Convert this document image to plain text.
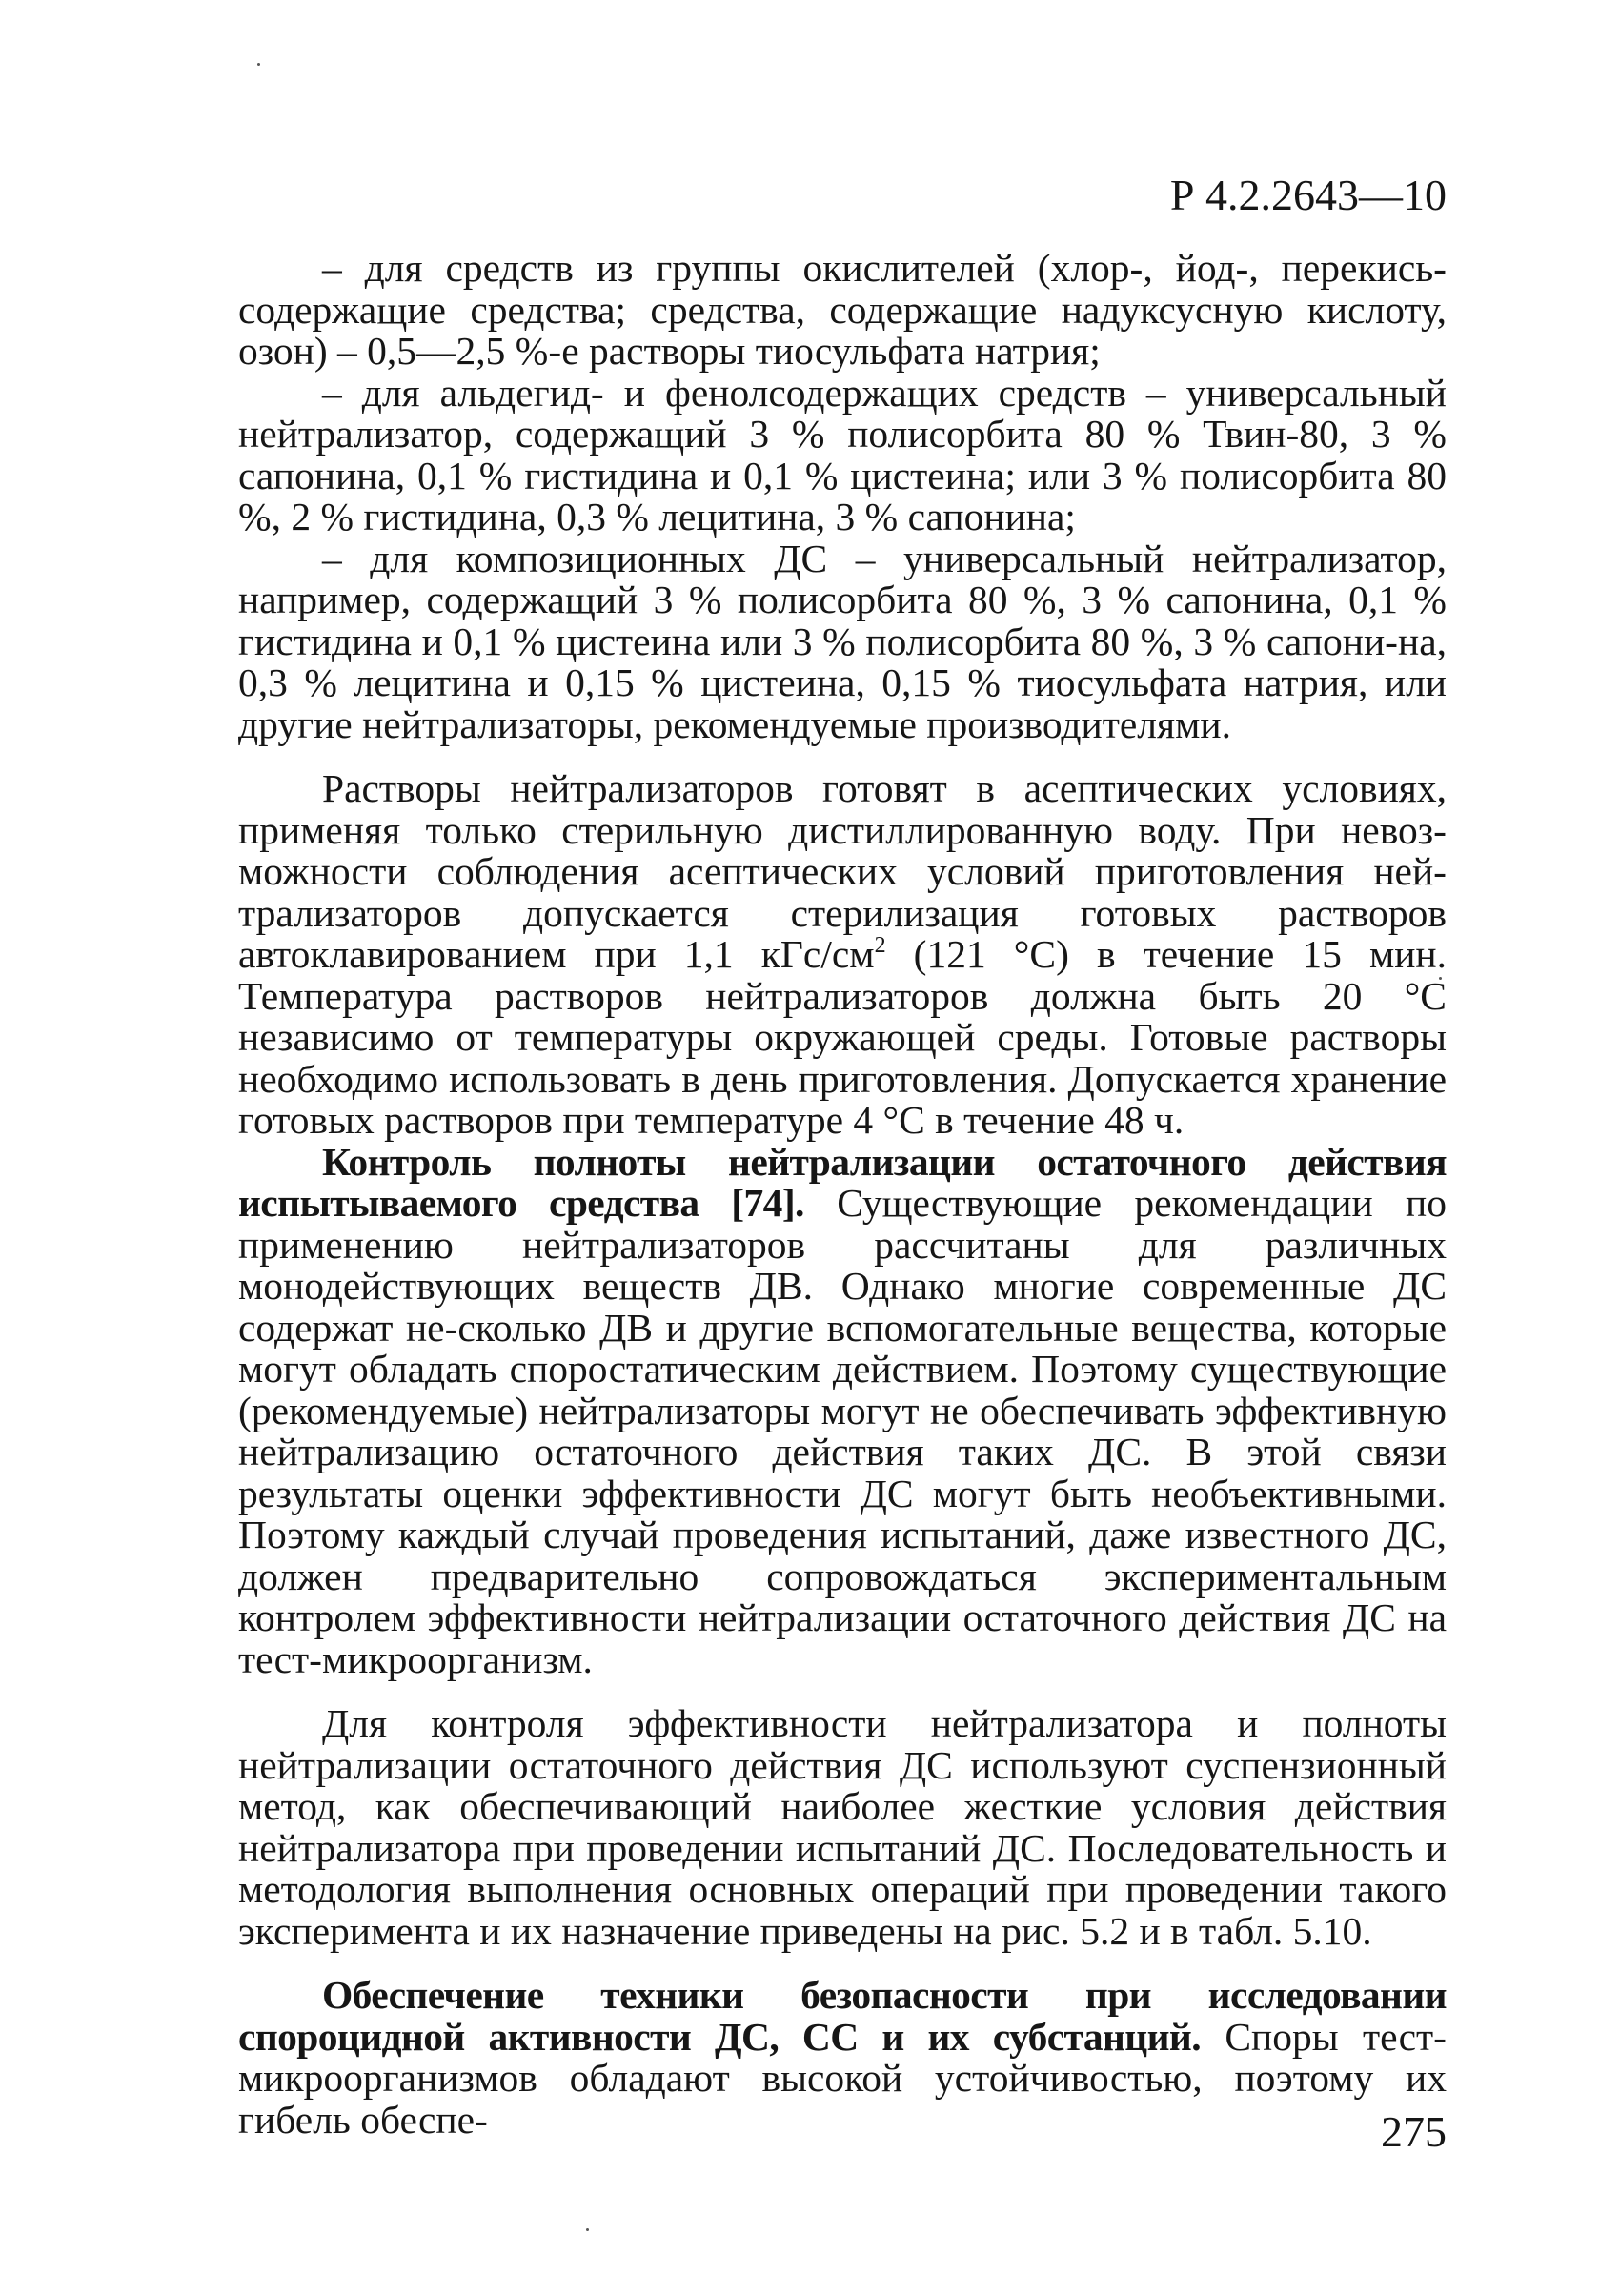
Р 4.2.2643—10

– для средств из группы окислителей (хлор-, йод-, перекись-содержащие средства; средства, содержащие надуксусную кислоту, озон) – 0,5—2,5 %-е растворы тиосульфата натрия;

– для альдегид- и фенолсодержащих средств – универсальный нейтрализатор, содержащий 3 % полисорбита 80 % Твин-80, 3 % сапонина, 0,1 % гистидина и 0,1 % цистеина; или 3 % полисорбита 80 %, 2 % гистидина, 0,3 % лецитина, 3 % сапонина;

– для композиционных ДС – универсальный нейтрализатор, например, содержащий 3 % полисорбита 80 %, 3 % сапонина, 0,1 % гистидина и 0,1 % цистеина или 3 % полисорбита 80 %, 3 % сапони-на, 0,3 % лецитина и 0,15 % цистеина, 0,15 % тиосульфата натрия, или другие нейтрализаторы, рекомендуемые производителями.

Растворы нейтрализаторов готовят в асептических условиях, применяя только стерильную дистиллированную воду. При невоз-можности соблюдения асептических условий приготовления ней-трализаторов допускается стерилизация готовых растворов автоклавированием при 1,1 кГс/$см^2$ (121 °С) в течение 15 мин. Температура растворов нейтрализаторов должна быть 20 °С независимо от температуры окружающей среды. Готовые растворы необходимо использовать в день приготовления. Допускается хранение готовых растворов при температуре 4 °С в течение 48 ч.

Контроль полноты нейтрализации остаточного действия испытываемого средства [74]. Существующие рекомендации по применению нейтрализаторов рассчитаны для различных монодействующих веществ ДВ. Однако многие современные ДС содержат не-сколько ДВ и другие вспомогательные вещества, которые могут обладать споростатическим действием. Поэтому существующие (рекомендуемые) нейтрализаторы могут не обеспечивать эффективную нейтрализацию остаточного действия таких ДС. В этой связи результаты оценки эффективности ДС могут быть необъективными. Поэтому каждый случай проведения испытаний, даже известного ДС, должен предварительно сопровождаться экспериментальным контролем эффективности нейтрализации остаточного действия ДС на тест-микроорганизм.

Для контроля эффективности нейтрализатора и полноты нейтрализации остаточного действия ДС используют суспензионный метод, как обеспечивающий наиболее жесткие условия действия нейтрализатора при проведении испытаний ДС. Последовательность и методология выполнения основных операций при проведении такого эксперимента и их назначение приведены на рис. 5.2 и в табл. 5.10.

Обеспечение техники безопасности при исследовании спороцидной активности ДС, СС и их субстанций. Споры тест-микроорганизмов обладают высокой устойчивостью, поэтому их гибель обеспе-	275
